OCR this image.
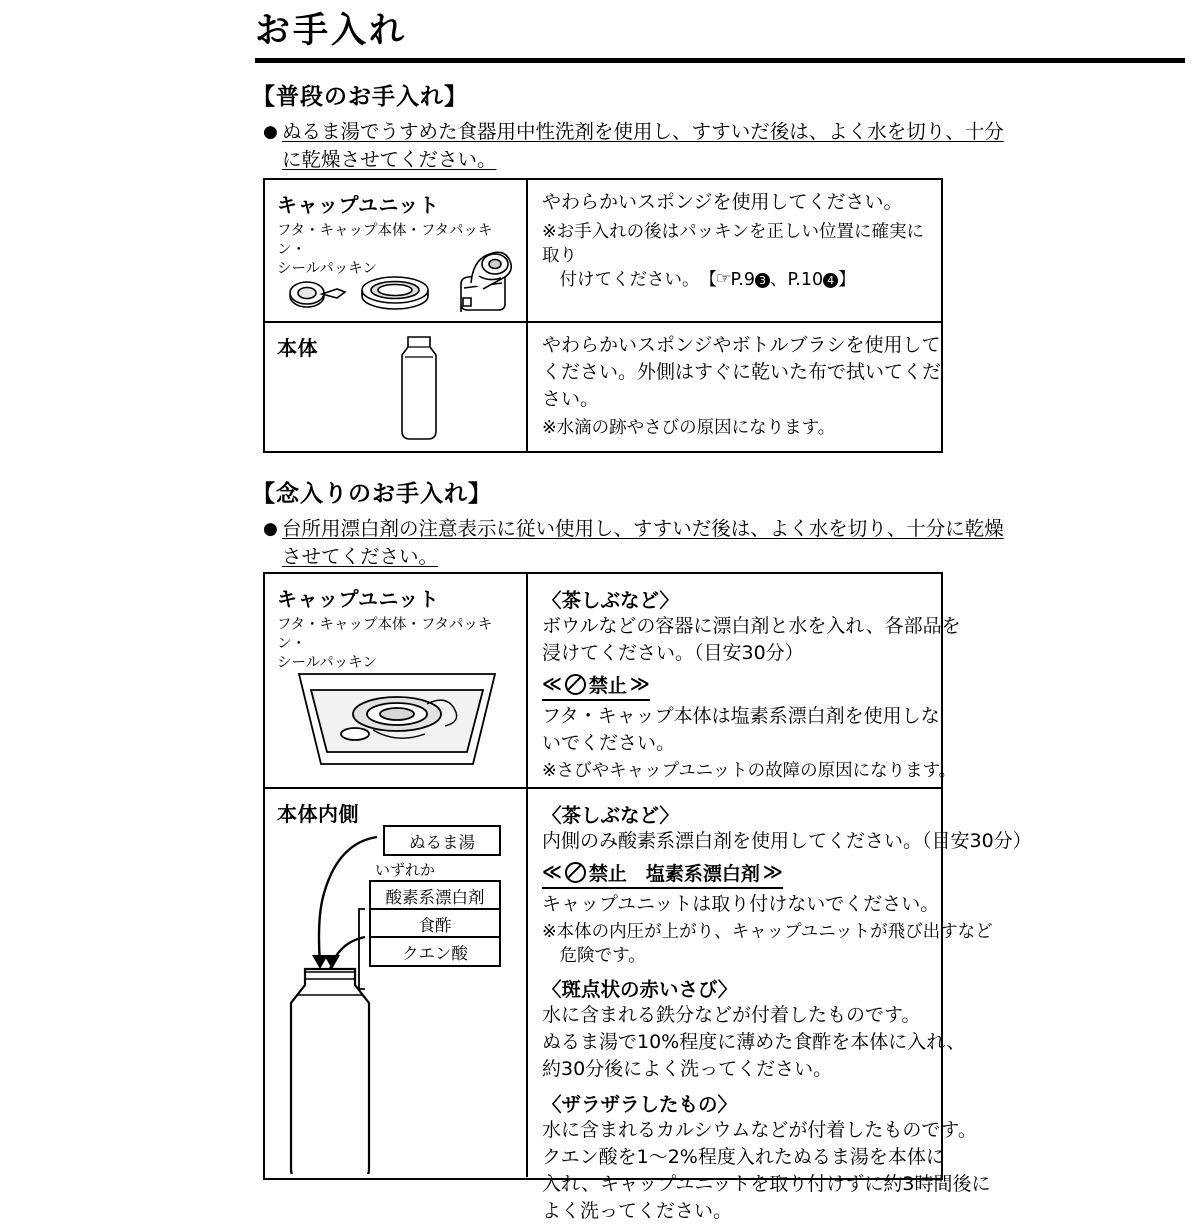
お手入れ
【普段のお手入れ】
● ぬるま湯でうすめた食器用中性洗剤を使用し、すすいだ後は、よく水を切り、十分
に乾燥させてください。
キャップユニット
フタ・キャップ本体・フタパッキン・
シールパッキン
やわらかいスポンジを使用してください。
※お手入れの後はパッキンを正しい位置に確実に取り
　付けてください。【☞P.9 3 、P.10 4 】
本体	やわらかいスポンジやボトルブラシを使用して
ください。外側はすぐに乾いた布で拭いてくだ
さい。
※水滴の跡やさびの原因になります。
【念入りのお手入れ】
● 台所用漂白剤の注意表示に従い使用し、すすいだ後は、よく水を切り、十分に乾燥
させてください。
キャップユニット
フタ・キャップ本体・フタパッキン・
シールパッキン
〈茶しぶなど〉
ボウルなどの容器に漂白剤と水を入れ、各部品を
浸けてください。（目安30分）
≪ 禁止 ≫
フタ・キャップ本体は塩素系漂白剤を使用しな
いでください。
※さびやキャップユニットの故障の原因になります。
本体内側
ぬるま湯
いずれか
酸素系漂白剤
食酢
クエン酸
〈茶しぶなど〉
内側のみ酸素系漂白剤を使用してください。（目安30分）
≪ 禁止　塩素系漂白剤 ≫
キャップユニットは取り付けないでください。
※本体の内圧が上がり、キャップユニットが飛び出すなど
　危険です。
〈斑点状の赤いさび〉
水に含まれる鉄分などが付着したものです。
ぬるま湯で10%程度に薄めた食酢を本体に入れ、
約30分後によく洗ってください。
〈ザラザラしたもの〉
水に含まれるカルシウムなどが付着したものです。
クエン酸を1〜2%程度入れたぬるま湯を本体に
入れ、キャップユニットを取り付けずに約3時間後に
よく洗ってください。
